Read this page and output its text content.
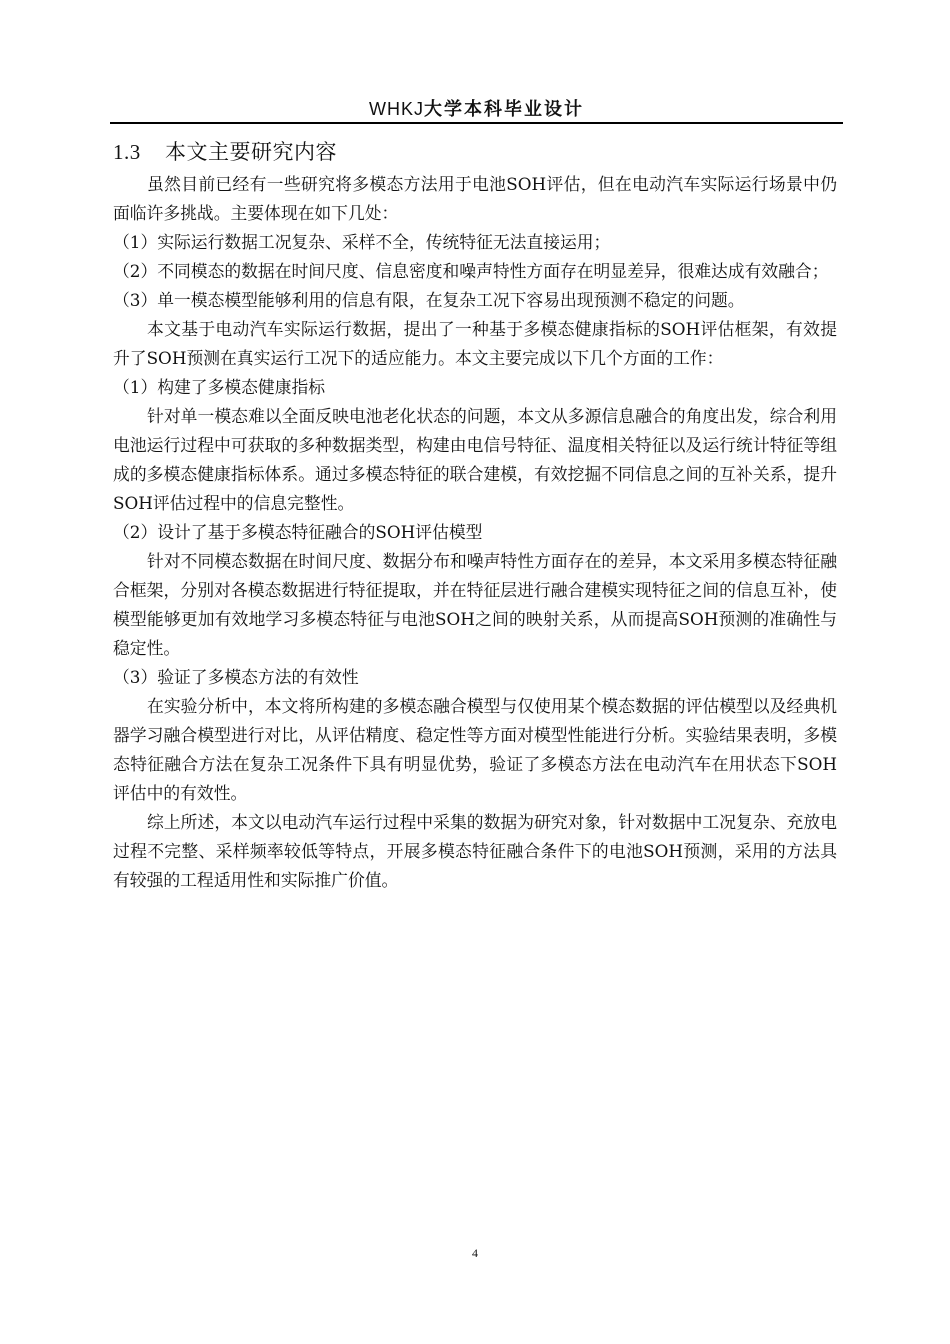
WHKJ大学本科毕业设计
1.3 本文主要研究内容

虽然目前已经有一些研究将多模态方法用于电池SOH评估，但在电动汽车实际运行场景中仍面临许多挑战。主要体现在如下几处：

（1）实际运行数据工况复杂、采样不全，传统特征无法直接运用；

（2）不同模态的数据在时间尺度、信息密度和噪声特性方面存在明显差异，很难达成有效融合；

（3）单一模态模型能够利用的信息有限，在复杂工况下容易出现预测不稳定的问题。

本文基于电动汽车实际运行数据，提出了一种基于多模态健康指标的SOH评估框架，有效提升了SOH预测在真实运行工况下的适应能力。本文主要完成以下几个方面的工作：

（1）构建了多模态健康指标

针对单一模态难以全面反映电池老化状态的问题，本文从多源信息融合的角度出发，综合利用电池运行过程中可获取的多种数据类型，构建由电信号特征、温度相关特征以及运行统计特征等组成的多模态健康指标体系。通过多模态特征的联合建模，有效挖掘不同信息之间的互补关系，提升SOH评估过程中的信息完整性。

（2）设计了基于多模态特征融合的SOH评估模型

针对不同模态数据在时间尺度、数据分布和噪声特性方面存在的差异，本文采用多模态特征融合框架，分别对各模态数据进行特征提取，并在特征层进行融合建模实现特征之间的信息互补，使模型能够更加有效地学习多模态特征与电池SOH之间的映射关系，从而提高SOH预测的准确性与稳定性。

（3）验证了多模态方法的有效性

在实验分析中，本文将所构建的多模态融合模型与仅使用某个模态数据的评估模型以及经典机器学习融合模型进行对比，从评估精度、稳定性等方面对模型性能进行分析。实验结果表明，多模态特征融合方法在复杂工况条件下具有明显优势，验证了多模态方法在电动汽车在用状态下SOH评估中的有效性。

综上所述，本文以电动汽车运行过程中采集的数据为研究对象，针对数据中工况复杂、充放电过程不完整、采样频率较低等特点，开展多模态特征融合条件下的电池SOH预测，采用的方法具有较强的工程适用性和实际推广价值。

4
